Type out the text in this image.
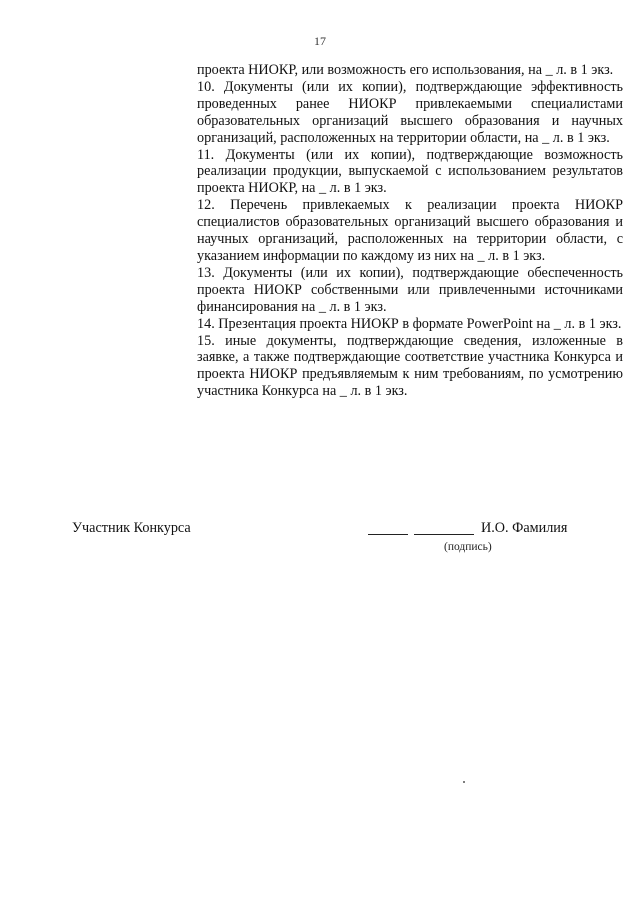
17

проекта НИОКР, или возможность его использования, на _ л. в 1 экз.

10. Документы (или их копии), подтверждающие эффективность проведенных ранее НИОКР привлекаемыми специалистами образовательных организаций высшего образования и научных организаций, расположенных на территории области, на _ л. в 1 экз.

11. Документы (или их копии), подтверждающие возможность реализации продукции, выпускаемой с использованием результатов проекта НИОКР, на _ л. в 1 экз.

12. Перечень привлекаемых к реализации проекта НИОКР специалистов образовательных организаций высшего образования и научных организаций, расположенных на территории области, с указанием информации по каждому из них на _ л. в 1 экз.

13. Документы (или их копии), подтверждающие обеспеченность проекта НИОКР собственными или привлеченными источниками финансирования на _ л. в 1 экз.

14. Презентация проекта НИОКР в формате PowerPoint на _ л. в 1 экз.

15. иные документы, подтверждающие сведения, изложенные в заявке, а также подтверждающие соответствие участника Конкурса и проекта НИОКР предъявляемым к ним требованиям, по усмотрению участника Конкурса на _ л. в 1 экз.

Участник Конкурса	И.О. Фамилия
(подпись)
